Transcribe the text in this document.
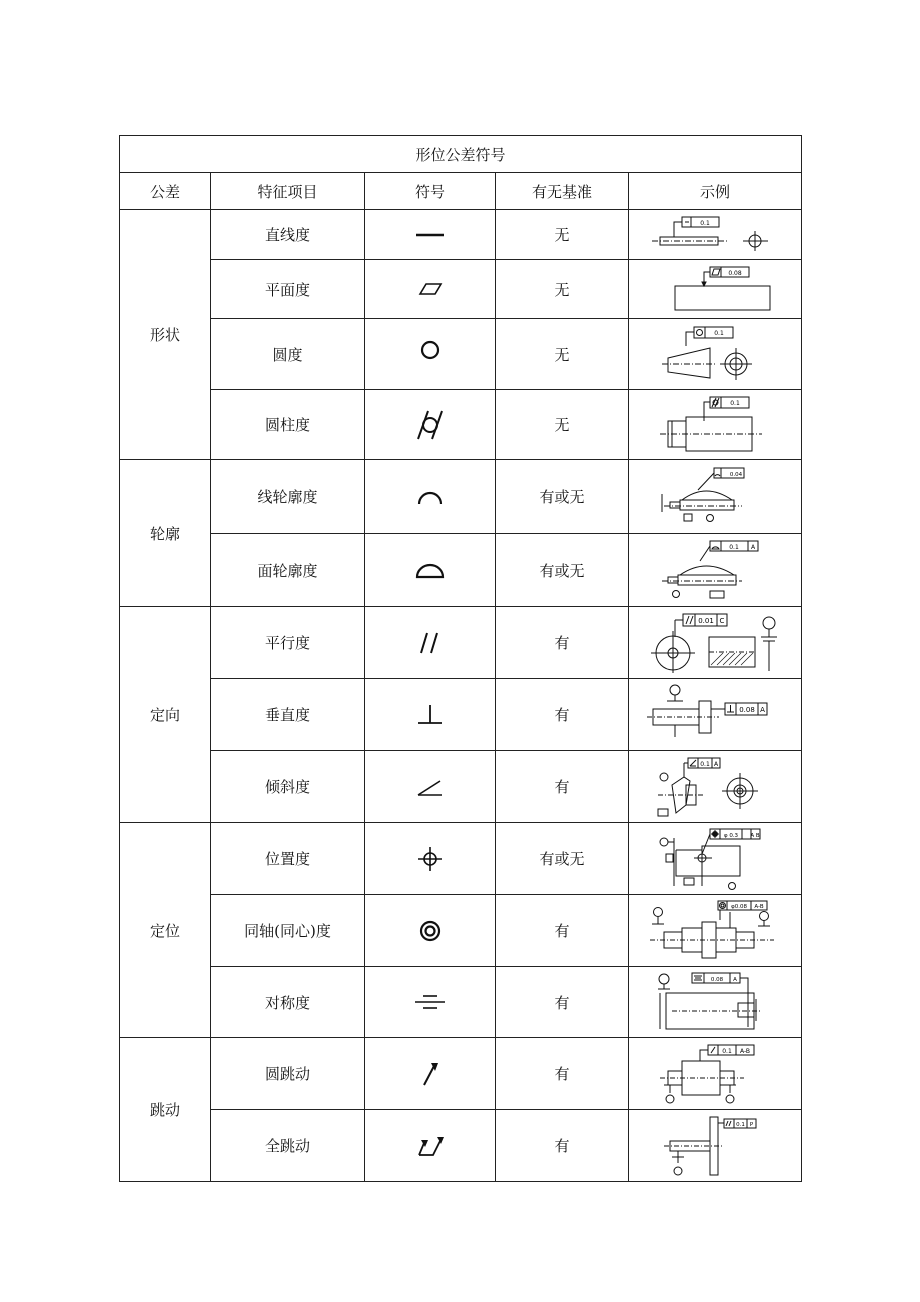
形位公差符号				
公差	特征项目	符号	有无基准	示例
形状	直线度		无	0.1

	平面度		无	0.08

	圆度		无	0.1

	圆柱度		无	0.1

轮廓	线轮廓度		有或无	0.04

	面轮廓度		有或无	0.1 A

定向	平行度		有	0.01 C

	垂直度		有	0.08 A

	倾斜度		有	0.1 A

定位	位置度		有或无	φ 0.3 A B

	同轴(同心)度		有	φ0.08 A-B

	对称度		有	0.08 A

跳动	圆跳动		有	0.1 A-B

	全跳动		有	0.1 P
